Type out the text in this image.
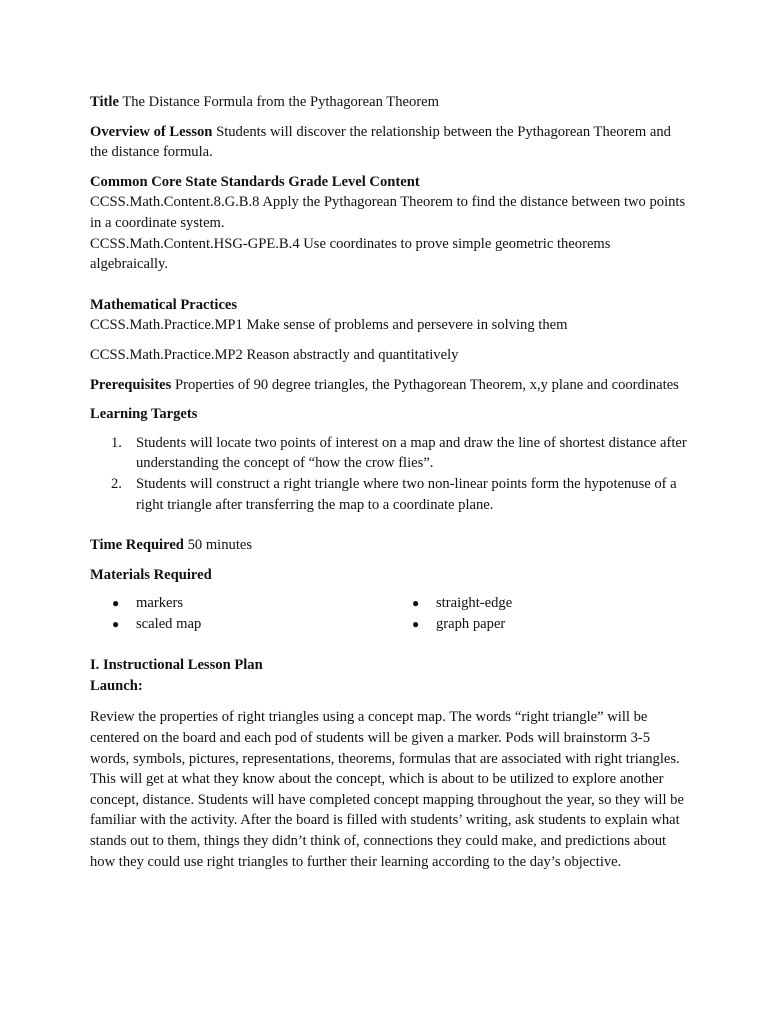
Title The Distance Formula from the Pythagorean Theorem

Overview of Lesson Students will discover the relationship between the Pythagorean Theorem and the distance formula.

Common Core State Standards Grade Level Content

CCSS.Math.Content.8.G.B.8 Apply the Pythagorean Theorem to find the distance between two points in a coordinate system.

CCSS.Math.Content.HSG-GPE.B.4 Use coordinates to prove simple geometric theorems algebraically.

Mathematical Practices

CCSS.Math.Practice.MP1 Make sense of problems and persevere in solving them

CCSS.Math.Practice.MP2 Reason abstractly and quantitatively

Prerequisites Properties of 90 degree triangles, the Pythagorean Theorem, x,y plane and coordinates

Learning Targets

1. Students will locate two points of interest on a map and draw the line of shortest distance after understanding the concept of “how the crow flies”.
2. Students will construct a right triangle where two non-linear points form the hypotenuse of a right triangle after transferring the map to a coordinate plane.

Time Required 50 minutes

Materials Required

● markers
● scaled map
● straight-edge
● graph paper

I. Instructional Lesson Plan

Launch:

Review the properties of right triangles using a concept map. The words “right triangle” will be centered on the board and each pod of students will be given a marker. Pods will brainstorm 3-5 words, symbols, pictures, representations, theorems, formulas that are associated with right triangles. This will get at what they know about the concept, which is about to be utilized to explore another concept, distance. Students will have completed concept mapping throughout the year, so they will be familiar with the activity. After the board is filled with students’ writing, ask students to explain what stands out to them, things they didn’t think of, connections they could make, and predictions about how they could use right triangles to further their learning according to the day’s objective.
